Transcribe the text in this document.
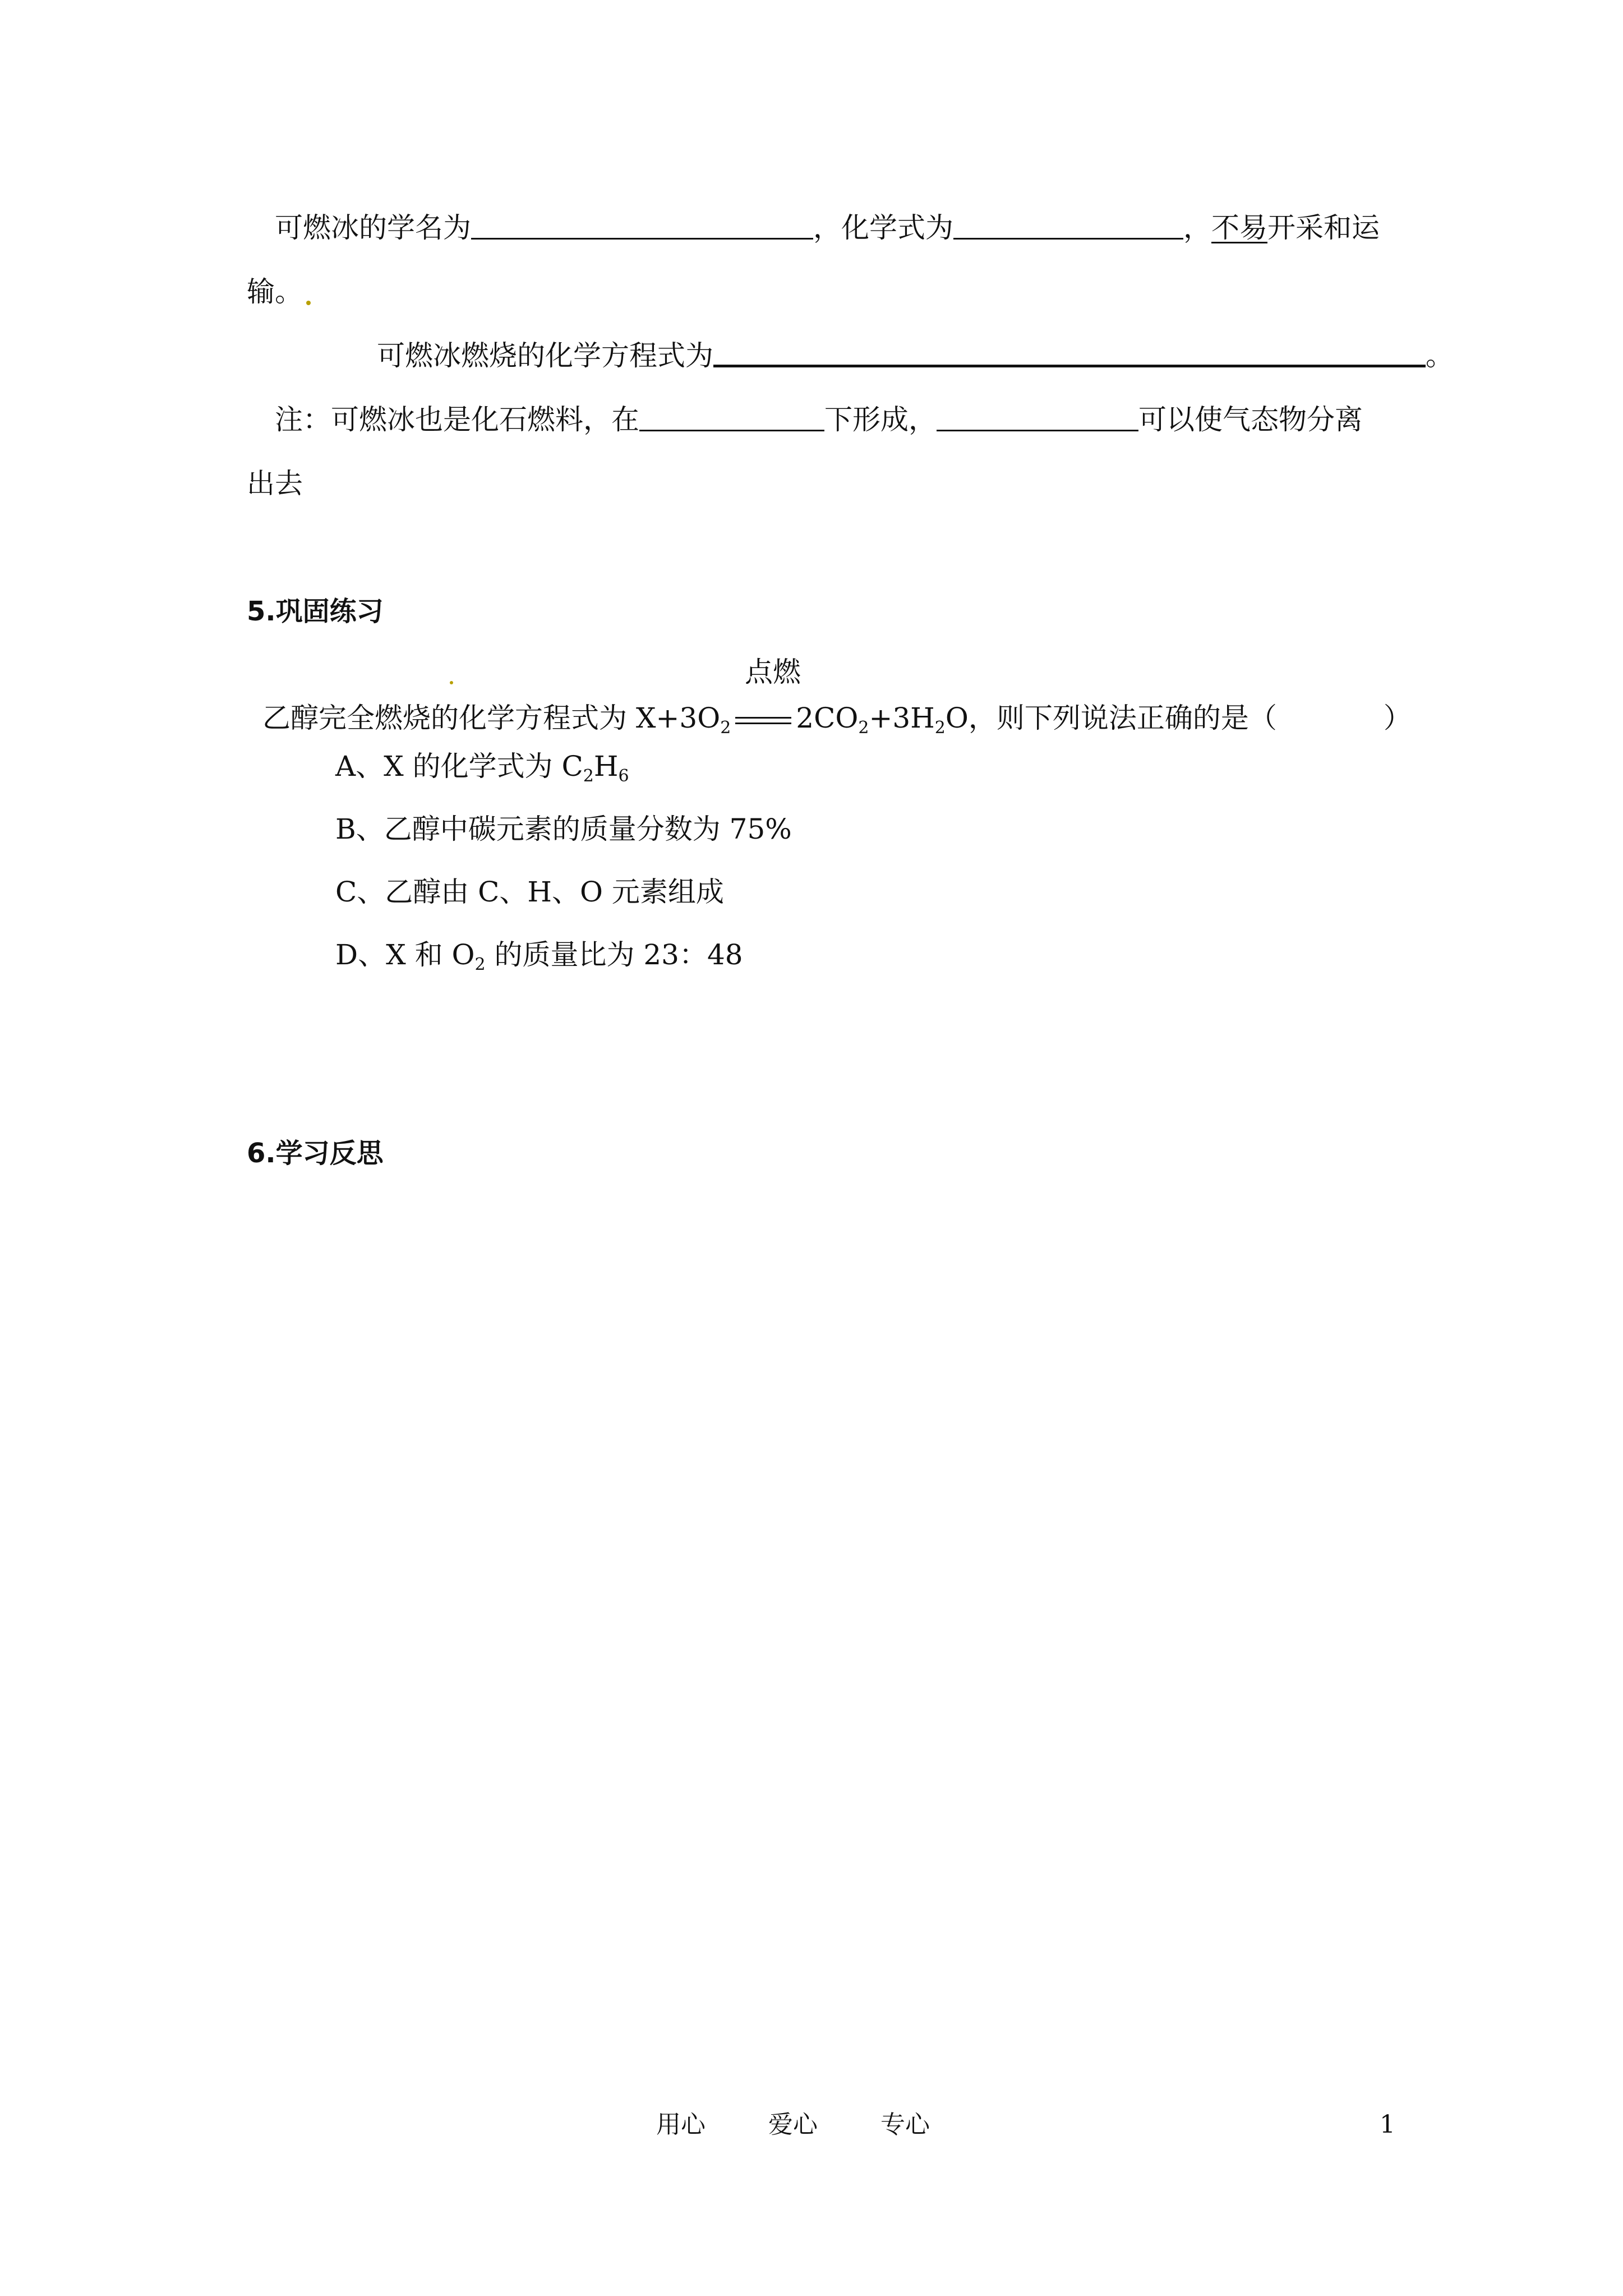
可燃冰的学名为	，化学式为	，不易开采和运
输。
可燃冰燃烧的化学方程式为	。
注：可燃冰也是化石燃料，在	下形成，	可以使气态物分离
出去
5.巩固练习
点燃
乙醇完全燃烧的化学方程式为 $X+3O_2$ $2CO_2+3H_2O$，则下列说法正确的是（	）
A、X 的化学式为 $C_2H_6$
B、乙醇中碳元素的质量分数为 75%
C、乙醇由 C、H、O 元素组成
D、X 和 $O_2$ 的质量比为 23：48
6.学习反思
用心	爱心	专心	1
